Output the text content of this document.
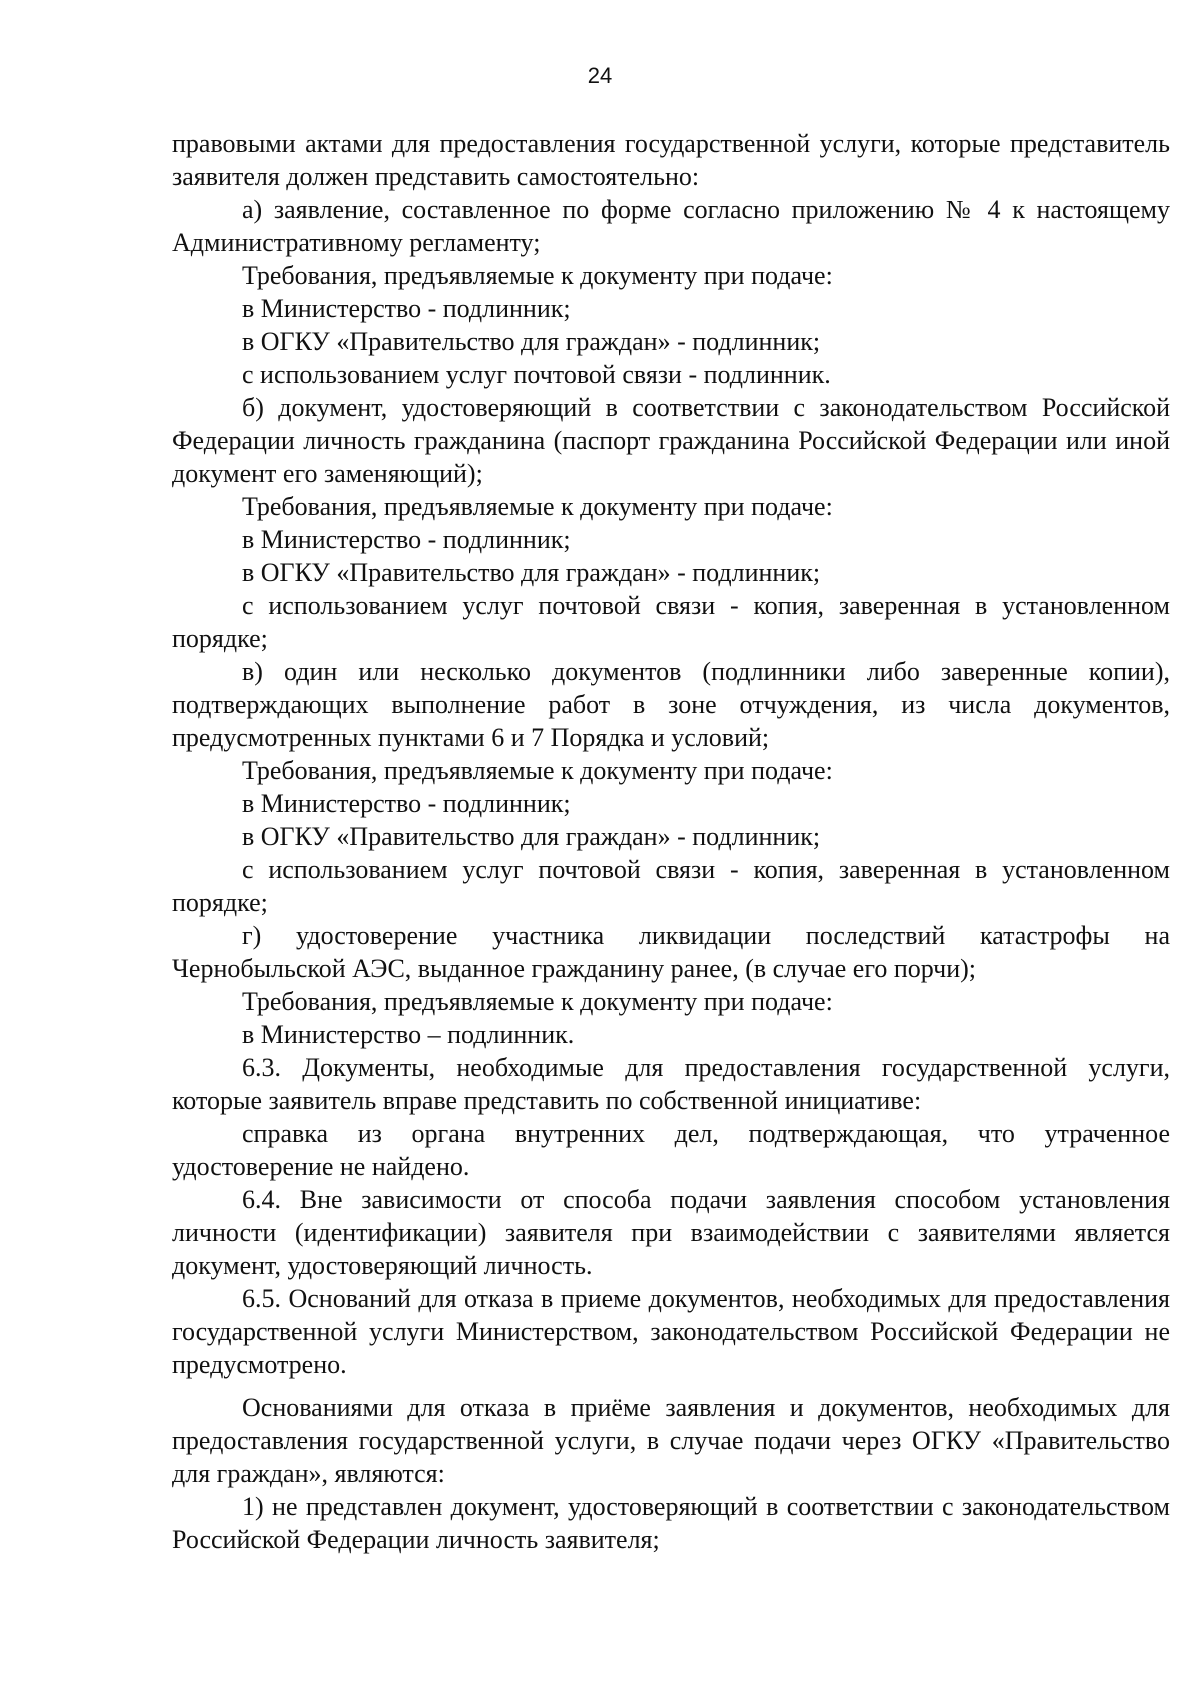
24

правовыми актами для предоставления государственной услуги, которые представитель заявителя должен представить самостоятельно:

а) заявление, составленное по форме согласно приложению № 4 к настоящему Административному регламенту;

Требования, предъявляемые к документу при подаче:

в Министерство - подлинник;

в ОГКУ «Правительство для граждан» - подлинник;

с использованием услуг почтовой связи - подлинник.

б) документ, удостоверяющий в соответствии с законодательством Российской Федерации личность гражданина (паспорт гражданина Российской Федерации или иной документ его заменяющий);

Требования, предъявляемые к документу при подаче:

в Министерство - подлинник;

в ОГКУ «Правительство для граждан» - подлинник;

с использованием услуг почтовой связи - копия, заверенная в установленном порядке;

в) один или несколько документов (подлинники либо заверенные копии), подтверждающих выполнение работ в зоне отчуждения, из числа документов, предусмотренных пунктами 6 и 7 Порядка и условий;

Требования, предъявляемые к документу при подаче:

в Министерство - подлинник;

в ОГКУ «Правительство для граждан» - подлинник;

с использованием услуг почтовой связи - копия, заверенная в установленном порядке;

г) удостоверение участника ликвидации последствий катастрофы на Чернобыльской АЭС, выданное гражданину ранее, (в случае его порчи);

Требования, предъявляемые к документу при подаче:

в Министерство – подлинник.

6.3. Документы, необходимые для предоставления государственной услуги, которые заявитель вправе представить по собственной инициативе:

справка из органа внутренних дел, подтверждающая, что утраченное удостоверение не найдено.

6.4. Вне зависимости от способа подачи заявления способом установления личности (идентификации) заявителя при взаимодействии с заявителями является документ, удостоверяющий личность.

6.5. Оснований для отказа в приеме документов, необходимых для предоставления государственной услуги Министерством, законодательством Российской Федерации не предусмотрено.

Основаниями для отказа в приёме заявления и документов, необходимых для предоставления государственной услуги, в случае подачи через ОГКУ «Правительство для граждан», являются:

1) не представлен документ, удостоверяющий в соответствии с законодательством Российской Федерации личность заявителя;
